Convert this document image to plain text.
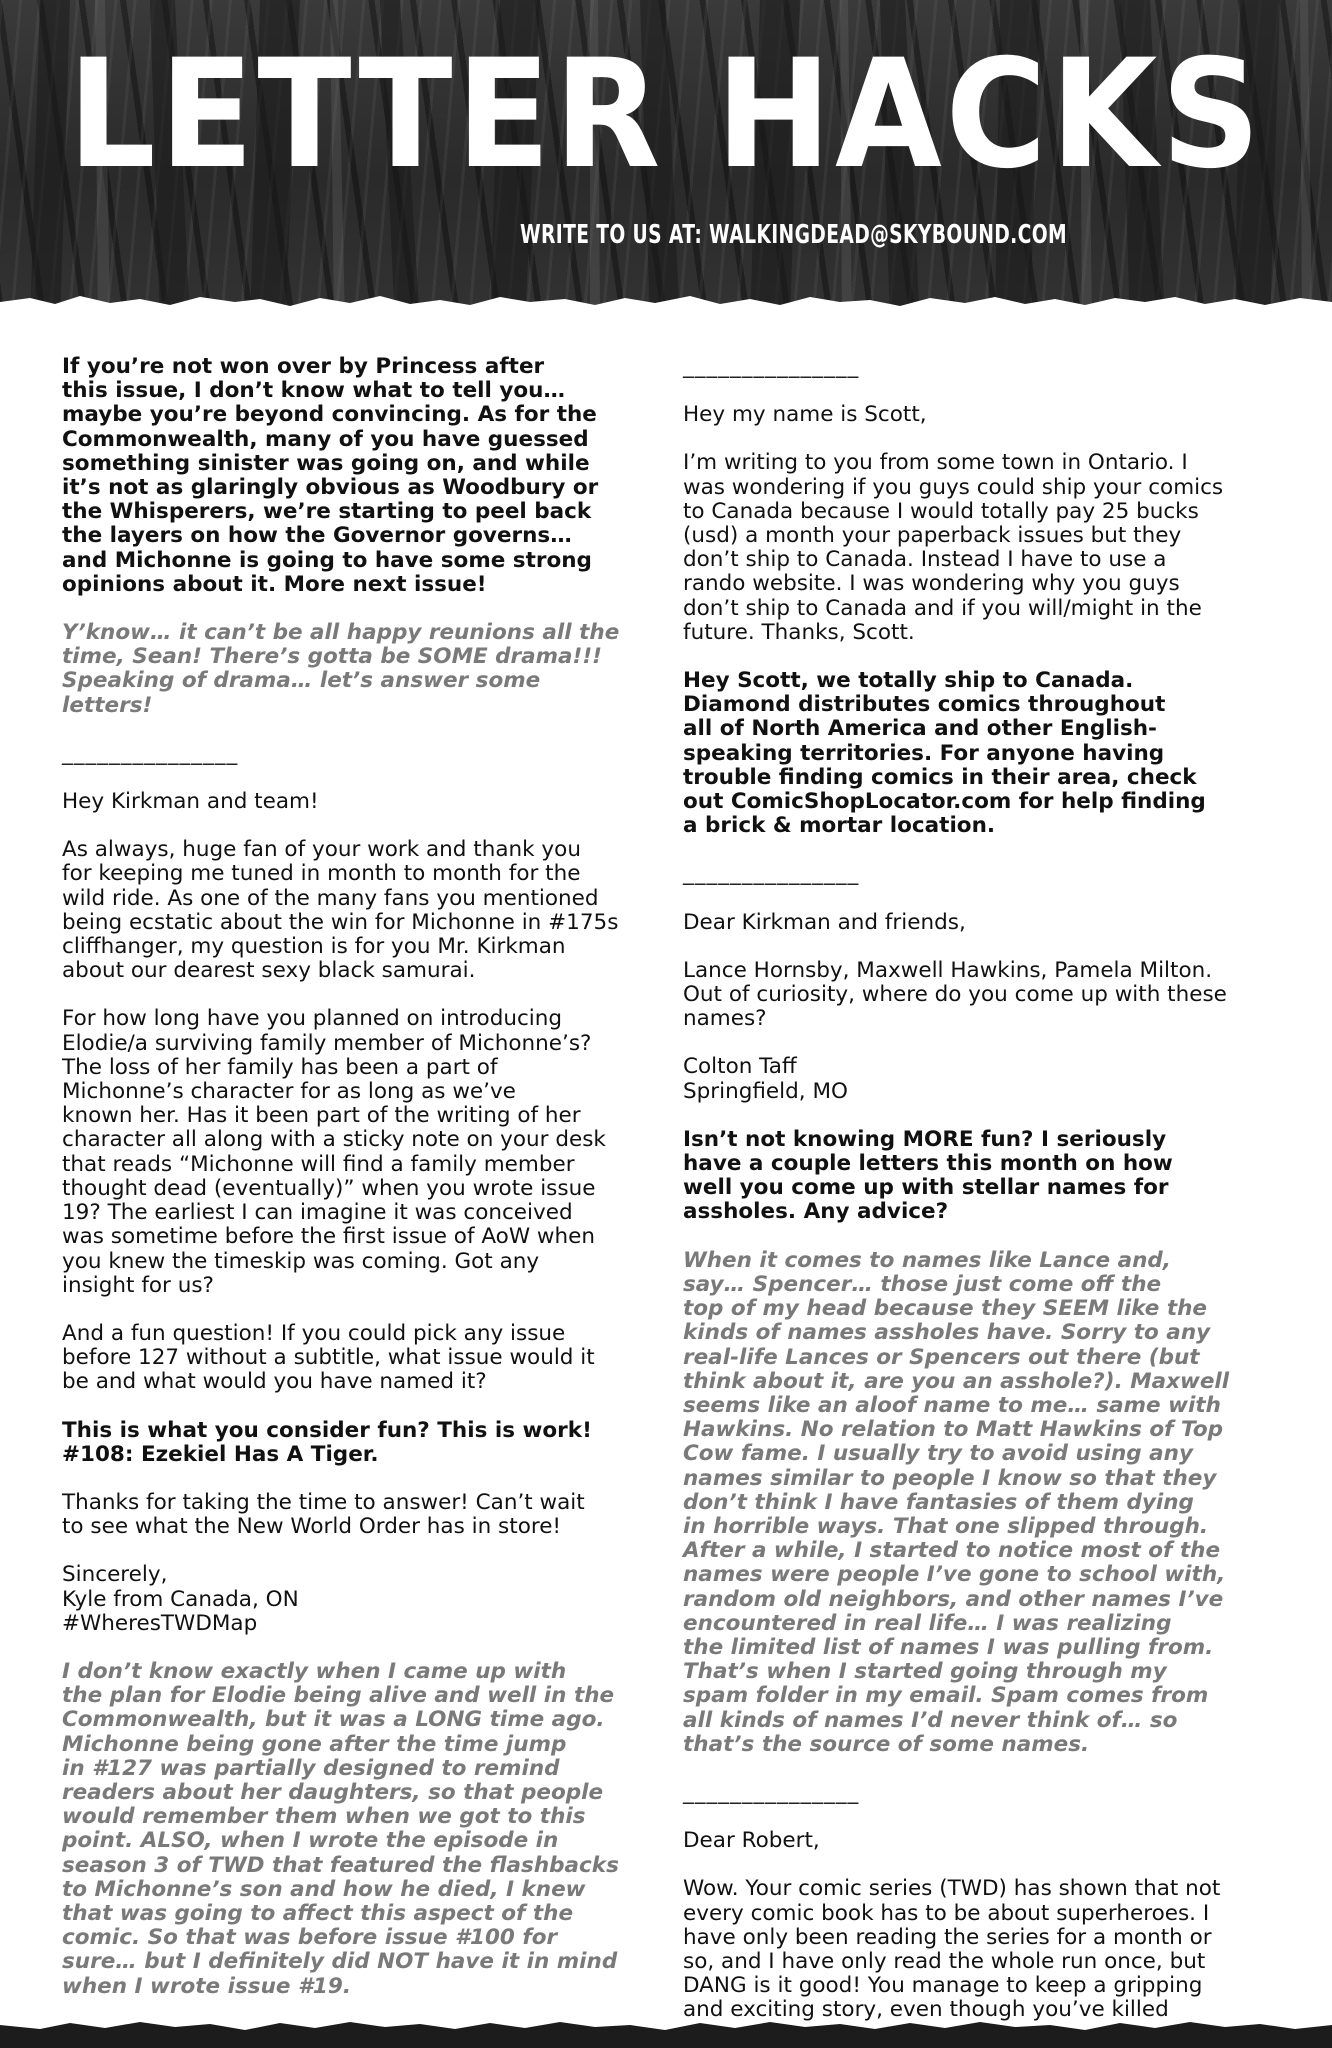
LETTER HACKS
WRITE TO US AT: WALKINGDEAD@SKYBOUND.COM

If you’re not won over by Princess after
this issue, I don’t know what to tell you…
maybe you’re beyond convincing. As for the
Commonwealth, many of you have guessed
something sinister was going on, and while
it’s not as glaringly obvious as Woodbury or
the Whisperers, we’re starting to peel back
the layers on how the Governor governs…
and Michonne is going to have some strong
opinions about it. More next issue!

Y’know… it can’t be all happy reunions all the
time, Sean! There’s gotta be SOME drama!!!
Speaking of drama… let’s answer some
letters!

_______________

Hey Kirkman and team!

As always, huge fan of your work and thank you
for keeping me tuned in month to month for the
wild ride. As one of the many fans you mentioned
being ecstatic about the win for Michonne in #175s
cliffhanger, my question is for you Mr. Kirkman
about our dearest sexy black samurai.

For how long have you planned on introducing
Elodie/a surviving family member of Michonne’s?
The loss of her family has been a part of
Michonne’s character for as long as we’ve
known her. Has it been part of the writing of her
character all along with a sticky note on your desk
that reads “Michonne will find a family member
thought dead (eventually)” when you wrote issue
19? The earliest I can imagine it was conceived
was sometime before the first issue of AoW when
you knew the timeskip was coming. Got any
insight for us?

And a fun question! If you could pick any issue
before 127 without a subtitle, what issue would it
be and what would you have named it?

This is what you consider fun? This is work!
#108: Ezekiel Has A Tiger.

Thanks for taking the time to answer! Can’t wait
to see what the New World Order has in store!

Sincerely,
Kyle from Canada, ON
#WheresTWDMap

I don’t know exactly when I came up with
the plan for Elodie being alive and well in the
Commonwealth, but it was a LONG time ago.
Michonne being gone after the time jump
in #127 was partially designed to remind
readers about her daughters, so that people
would remember them when we got to this
point. ALSO, when I wrote the episode in
season 3 of TWD that featured the flashbacks
to Michonne’s son and how he died, I knew
that was going to affect this aspect of the
comic. So that was before issue #100 for
sure… but I definitely did NOT have it in mind
when I wrote issue #19.

_______________

Hey my name is Scott,

I’m writing to you from some town in Ontario. I
was wondering if you guys could ship your comics
to Canada because I would totally pay 25 bucks
(usd) a month your paperback issues but they
don’t ship to Canada. Instead I have to use a
rando website. I was wondering why you guys
don’t ship to Canada and if you will/might in the
future. Thanks, Scott.

Hey Scott, we totally ship to Canada.
Diamond distributes comics throughout
all of North America and other English-
speaking territories. For anyone having
trouble finding comics in their area, check
out ComicShopLocator.com for help finding
a brick & mortar location.

_______________

Dear Kirkman and friends,

Lance Hornsby, Maxwell Hawkins, Pamela Milton.
Out of curiosity, where do you come up with these
names?

Colton Taff
Springfield, MO

Isn’t not knowing MORE fun? I seriously
have a couple letters this month on how
well you come up with stellar names for
assholes. Any advice?

When it comes to names like Lance and,
say… Spencer… those just come off the
top of my head because they SEEM like the
kinds of names assholes have. Sorry to any
real-life Lances or Spencers out there (but
think about it, are you an asshole?). Maxwell
seems like an aloof name to me… same with
Hawkins. No relation to Matt Hawkins of Top
Cow fame. I usually try to avoid using any
names similar to people I know so that they
don’t think I have fantasies of them dying
in horrible ways. That one slipped through.
After a while, I started to notice most of the
names were people I’ve gone to school with,
random old neighbors, and other names I’ve
encountered in real life… I was realizing
the limited list of names I was pulling from.
That’s when I started going through my
spam folder in my email. Spam comes from
all kinds of names I’d never think of… so
that’s the source of some names.

_______________

Dear Robert,

Wow. Your comic series (TWD) has shown that not
every comic book has to be about superheroes. I
have only been reading the series for a month or
so, and I have only read the whole run once, but
DANG is it good! You manage to keep a gripping
and exciting story, even though you’ve killed
